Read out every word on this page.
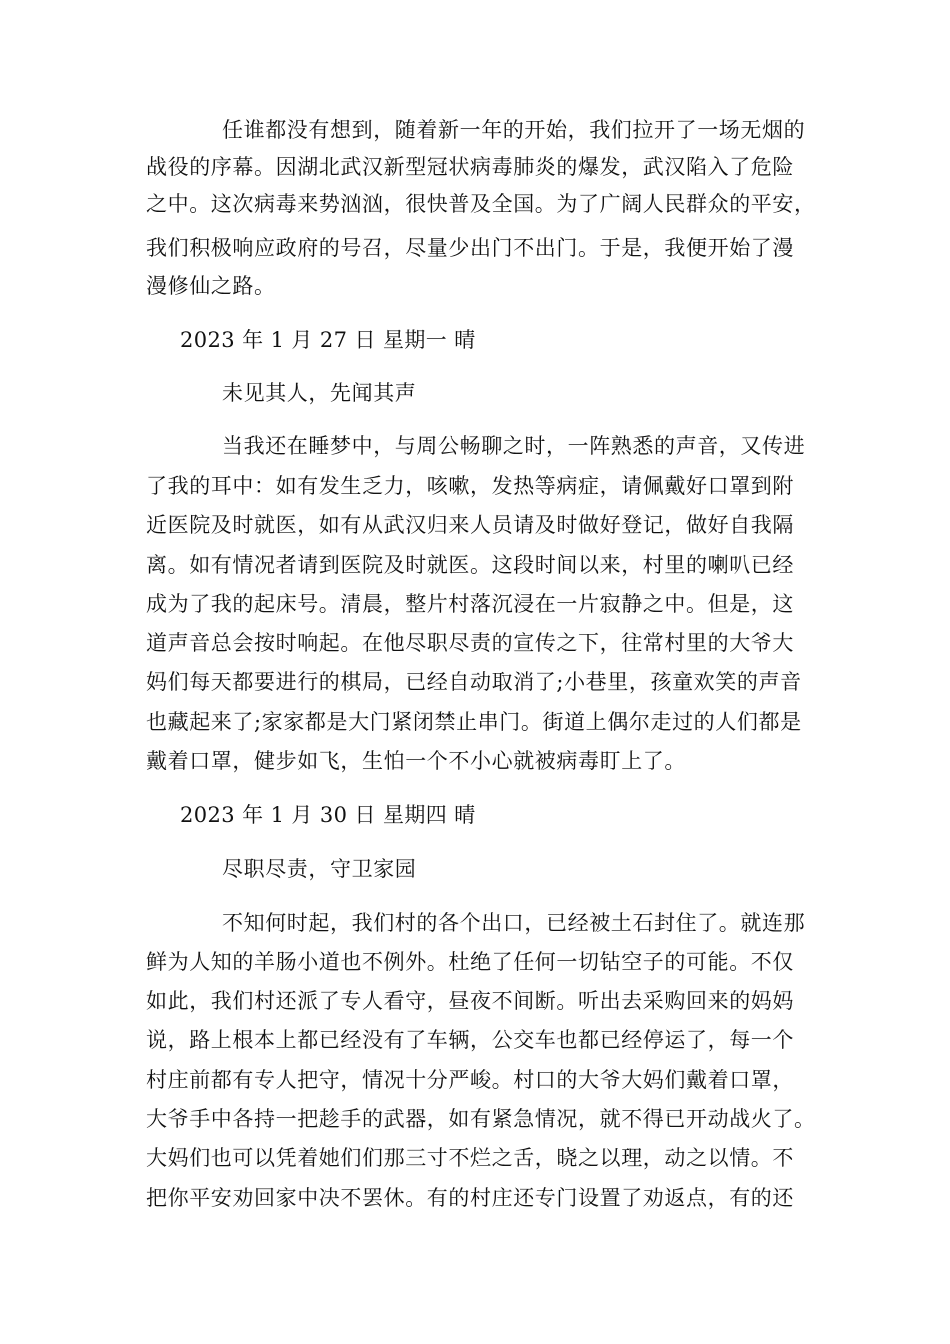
任谁都没有想到，随着新一年的开始，我们拉开了一场无烟的
战役的序幕。因湖北武汉新型冠状病毒肺炎的爆发，武汉陷入了危险
之中。这次病毒来势汹汹，很快普及全国。为了广阔人民群众的平安，
我们积极响应政府的号召，尽量少出门不出门。于是，我便开始了漫
漫修仙之路。
2023 年 1 月 27 日 星期一 晴
未见其人，先闻其声
当我还在睡梦中，与周公畅聊之时，一阵熟悉的声音，又传进
了我的耳中：如有发生乏力，咳嗽，发热等病症，请佩戴好口罩到附
近医院及时就医，如有从武汉归来人员请及时做好登记，做好自我隔
离。如有情况者请到医院及时就医。这段时间以来，村里的喇叭已经
成为了我的起床号。清晨，整片村落沉浸在一片寂静之中。但是，这
道声音总会按时响起。在他尽职尽责的宣传之下，往常村里的大爷大
妈们每天都要进行的棋局，已经自动取消了;小巷里，孩童欢笑的声音
也藏起来了;家家都是大门紧闭禁止串门。街道上偶尔走过的人们都是
戴着口罩，健步如飞，生怕一个不小心就被病毒盯上了。
2023 年 1 月 30 日 星期四 晴
尽职尽责，守卫家园
不知何时起，我们村的各个出口，已经被土石封住了。就连那
鲜为人知的羊肠小道也不例外。杜绝了任何一切钻空子的可能。不仅
如此，我们村还派了专人看守，昼夜不间断。听出去采购回来的妈妈
说，路上根本上都已经没有了车辆，公交车也都已经停运了，每一个
村庄前都有专人把守，情况十分严峻。村口的大爷大妈们戴着口罩，
大爷手中各持一把趁手的武器，如有紧急情况，就不得已开动战火了。
大妈们也可以凭着她们们那三寸不烂之舌，晓之以理，动之以情。不
把你平安劝回家中决不罢休。有的村庄还专门设置了劝返点，有的还
